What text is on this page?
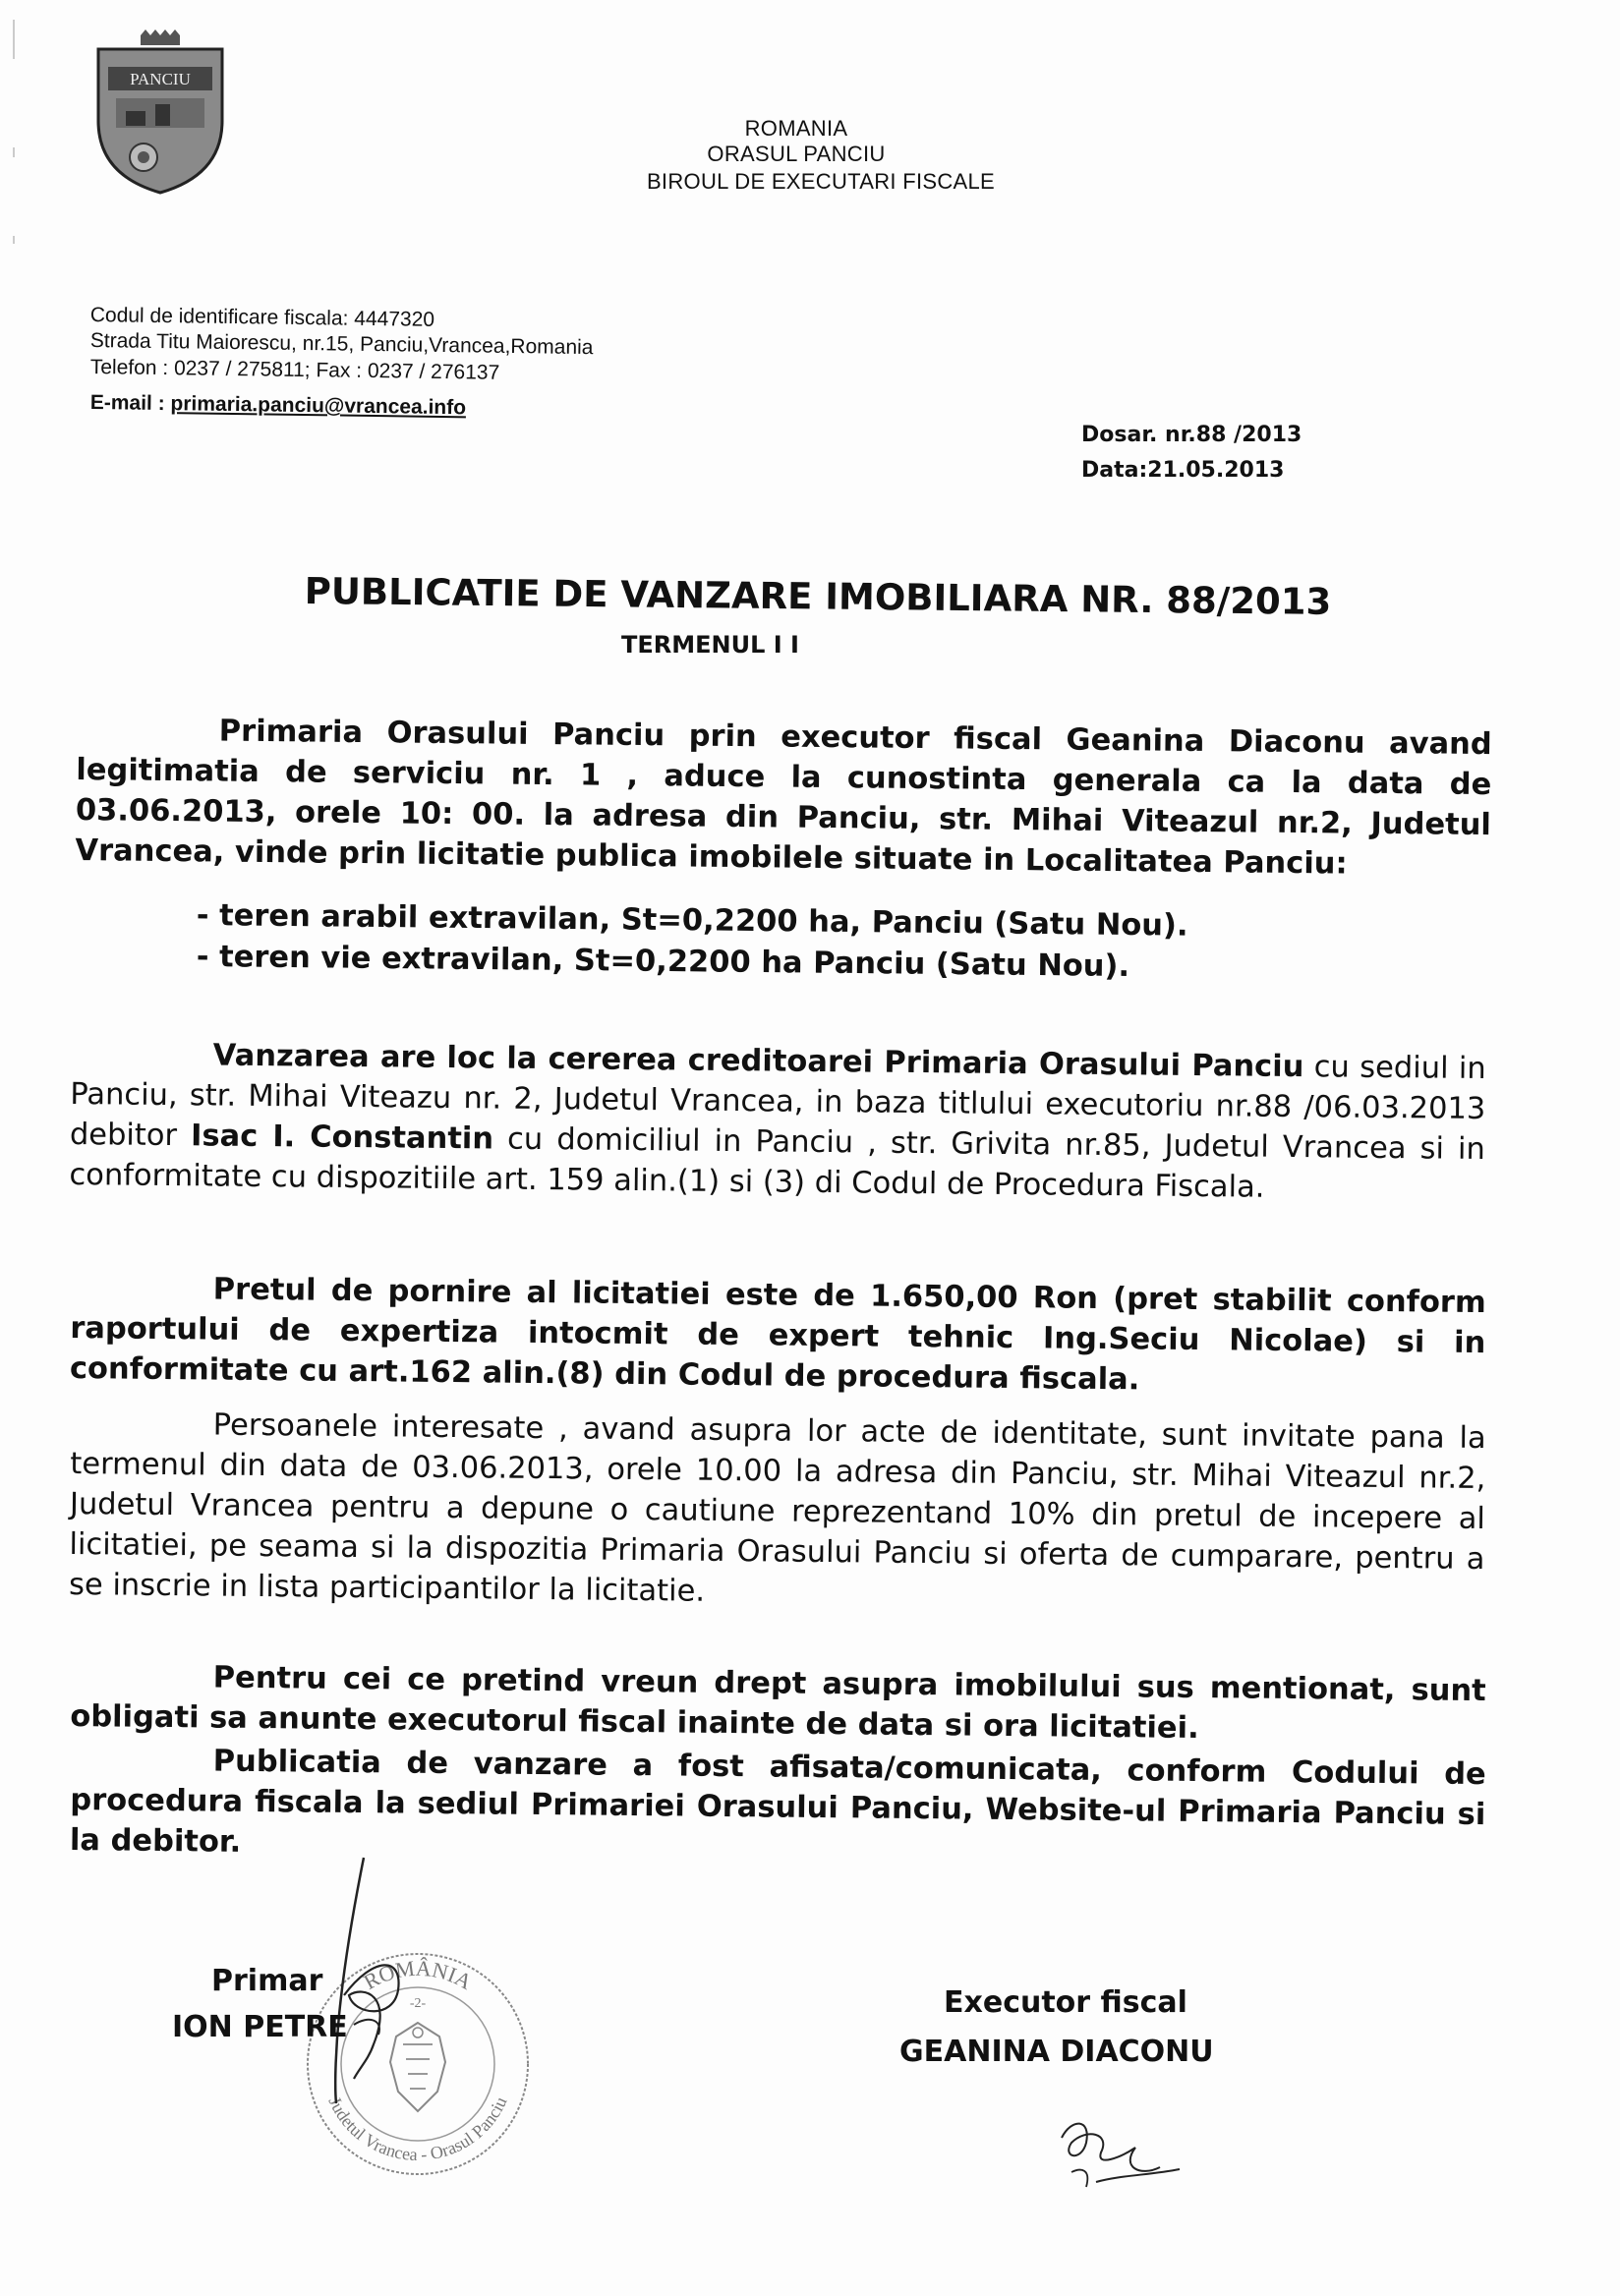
PANCIU
ROMANIA
ORASUL PANCIU
BIROUL DE EXECUTARI FISCALE
Codul de identificare fiscala: 4447320
Strada Titu Maiorescu, nr.15, Panciu,Vrancea,Romania
Telefon : 0237 / 275811; Fax : 0237 / 276137
E-mail : primaria.panciu@vrancea.info
Dosar. nr.88 /2013
Data:21.05.2013
PUBLICATIE DE VANZARE IMOBILIARA NR. 88/2013
TERMENUL I I
Primaria Orasului Panciu prin executor fiscal Geanina Diaconu avand legitimatia de serviciu nr. 1 , aduce la cunostinta generala ca la data de 03.06.2013, orele 10: 00. la adresa din Panciu, str. Mihai Viteazul nr.2, Judetul Vrancea, vinde prin licitatie publica imobilele situate in Localitatea Panciu:
- teren arabil extravilan, St=0,2200 ha, Panciu (Satu Nou).
- teren vie extravilan, St=0,2200 ha Panciu (Satu Nou).
Vanzarea are loc la cererea creditoarei Primaria Orasului Panciu cu sediul in Panciu, str. Mihai Viteazu nr. 2, Judetul Vrancea, in baza titlului executoriu nr.88 /06.03.2013 debitor Isac I. Constantin cu domiciliul in Panciu , str. Grivita nr.85, Judetul Vrancea si in conformitate cu dispozitiile art. 159 alin.(1) si (3) di Codul de Procedura Fiscala.
Pretul de pornire al licitatiei este de 1.650,00 Ron (pret stabilit conform raportului de expertiza intocmit de expert tehnic Ing.Seciu Nicolae) si in conformitate cu art.162 alin.(8) din Codul de procedura fiscala.
Persoanele interesate , avand asupra lor acte de identitate, sunt invitate pana la termenul din data de 03.06.2013, orele 10.00 la adresa din Panciu, str. Mihai Viteazul nr.2, Judetul Vrancea pentru a depune o cautiune reprezentand 10% din pretul de incepere al licitatiei, pe seama si la dispozitia Primaria Orasului Panciu si oferta de cumparare, pentru a se inscrie in lista participantilor la licitatie.
Pentru cei ce pretind vreun drept asupra imobilului sus mentionat, sunt obligati sa anunte executorul fiscal inainte de data si ora licitatiei.
Publicatia de vanzare a fost afisata/comunicata, conform Codului de procedura fiscala la sediul Primariei Orasului Panciu, Website-ul Primaria Panciu si la debitor.
ROMÂNIA
Judetul Vrancea - Orasul Panciu
-2-
Primar
ION PETRE
Executor fiscal
GEANINA DIACONU
